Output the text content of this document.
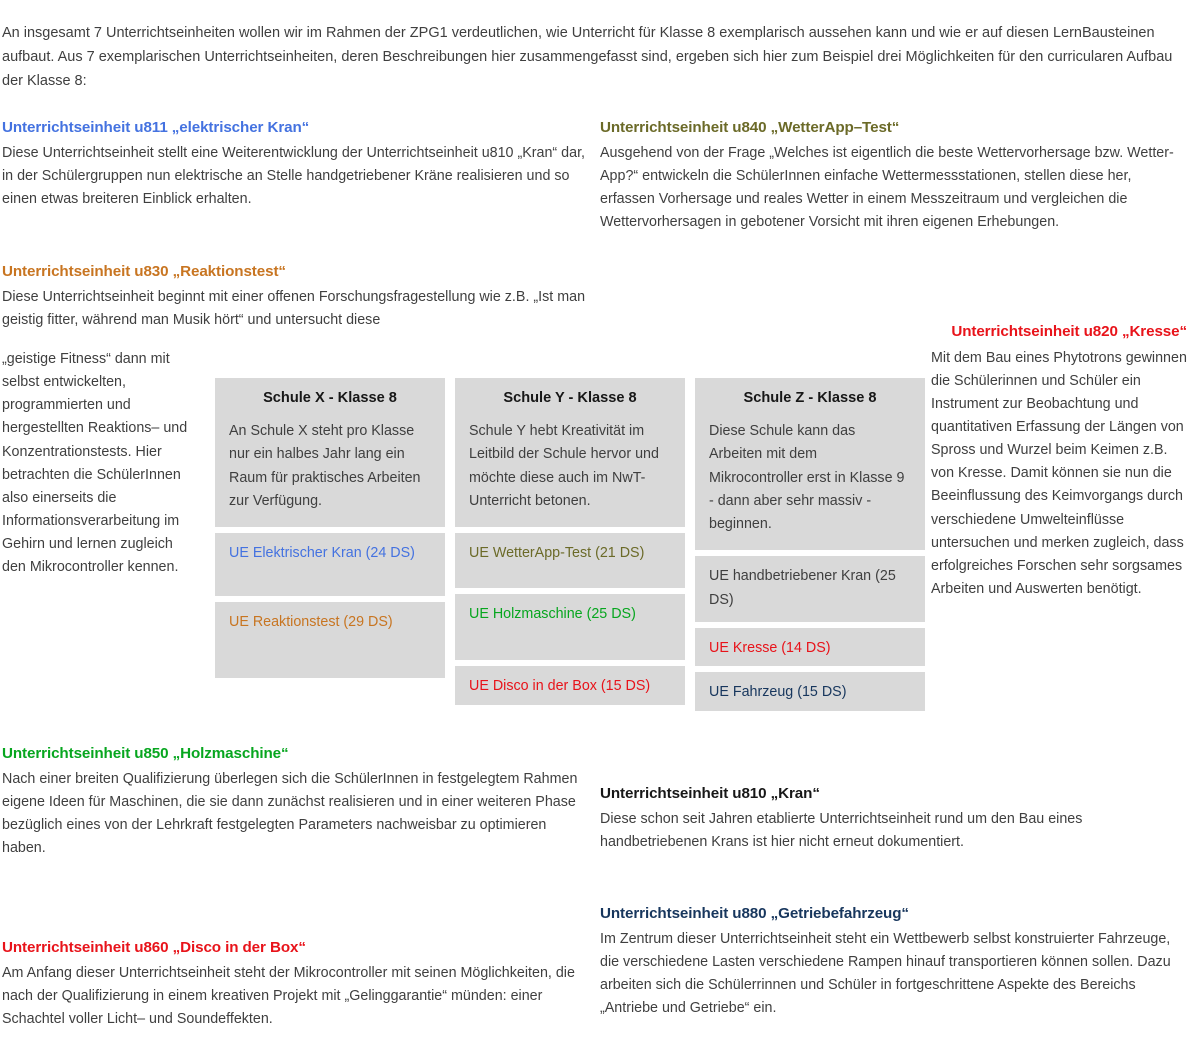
An insgesamt 7 Unterrichtseinheiten wollen wir im Rahmen der ZPG1 verdeutlichen, wie Unterricht für Klasse 8 exemplarisch aussehen kann und wie er auf diesen LernBausteinen aufbaut. Aus 7 exemplarischen Unterrichtseinheiten, deren Beschreibungen hier zusammengefasst sind, ergeben sich hier zum Beispiel drei Möglichkeiten für den curricularen Aufbau der Klasse 8:

Unterrichtseinheit u811 „elektrischer Kran“

Diese Unterrichtseinheit stellt eine Weiterentwicklung der Unterrichtseinheit u810 „Kran“ dar, in der Schülergruppen nun elektrische an Stelle handgetriebener Kräne realisieren und so einen etwas breiteren Einblick erhalten.

Unterrichtseinheit u830 „Reaktionstest“

Diese Unterrichtseinheit beginnt mit einer offenen Forschungsfragestellung wie z.B. „Ist man geistig fitter, während man Musik hört“ und untersucht diese

„geistige Fitness“ dann mit selbst entwickelten, programmierten und hergestellten Reaktions– und Konzentrationstests. Hier betrachten die SchülerInnen also einerseits die Informationsverarbeitung im Gehirn und lernen zugleich den Mikrocontroller kennen.

Unterrichtseinheit u840 „WetterApp–Test“

Ausgehend von der Frage „Welches ist eigentlich die beste Wettervorhersage bzw. Wetter-App?“ entwickeln die SchülerInnen einfache Wettermessstationen, stellen diese her, erfassen Vorhersage und reales Wetter in einem Messzeitraum und vergleichen die Wettervorhersagen in gebotener Vorsicht mit ihren eigenen Erhebungen.

Unterrichtseinheit u820 „Kresse“

Mit dem Bau eines Phytotrons gewinnen die Schülerinnen und Schüler ein Instrument zur Beobachtung und quantitativen Erfassung der Längen von Spross und Wurzel beim Keimen z.B. von Kresse. Damit können sie nun die Beeinflussung des Keimvorgangs durch verschiedene Umwelteinflüsse untersuchen und merken zugleich, dass erfolgreiches Forschen sehr sorgsames Arbeiten und Auswerten benötigt.

Schule X - Klasse 8

An Schule X steht pro Klasse nur ein halbes Jahr lang ein Raum für praktisches Arbeiten zur Verfügung.

UE Elektrischer Kran (24 DS)

UE Reaktionstest (29 DS)

Schule Y - Klasse 8

Schule Y hebt Kreativität im Leitbild der Schule hervor und möchte diese auch im NwT-Unterricht betonen.

UE WetterApp-Test (21 DS)

UE Holzmaschine (25 DS)

UE Disco in der Box (15 DS)

Schule Z - Klasse 8

Diese Schule kann das Arbeiten mit dem Mikrocontroller erst in Klasse 9 - dann aber sehr massiv - beginnen.

UE handbetriebener Kran (25 DS)

UE Kresse (14 DS)

UE Fahrzeug (15 DS)

Unterrichtseinheit u850 „Holzmaschine“

Nach einer breiten Qualifizierung überlegen sich die SchülerInnen in festgelegtem Rahmen eigene Ideen für Maschinen, die sie dann zunächst realisieren und in einer weiteren Phase bezüglich eines von der Lehrkraft festgelegten Parameters nachweisbar zu optimieren haben.

Unterrichtseinheit u860 „Disco in der Box“

Am Anfang dieser Unterrichtseinheit steht der Mikrocontroller mit seinen Möglichkeiten, die nach der Qualifizierung in einem kreativen Projekt mit „Gelinggarantie“ münden: einer Schachtel voller Licht– und Soundeffekten.

Unterrichtseinheit u810 „Kran“

Diese schon seit Jahren etablierte Unterrichtseinheit rund um den Bau eines handbetriebenen Krans ist hier nicht erneut dokumentiert.

Unterrichtseinheit u880 „Getriebefahrzeug“

Im Zentrum dieser Unterrichtseinheit steht ein Wettbewerb selbst konstruierter Fahrzeuge, die verschiedene Lasten verschiedene Rampen hinauf transportieren können sollen. Dazu arbeiten sich die Schülerrinnen und Schüler in fortgeschrittene Aspekte des Bereichs „Antriebe und Getriebe“ ein.
